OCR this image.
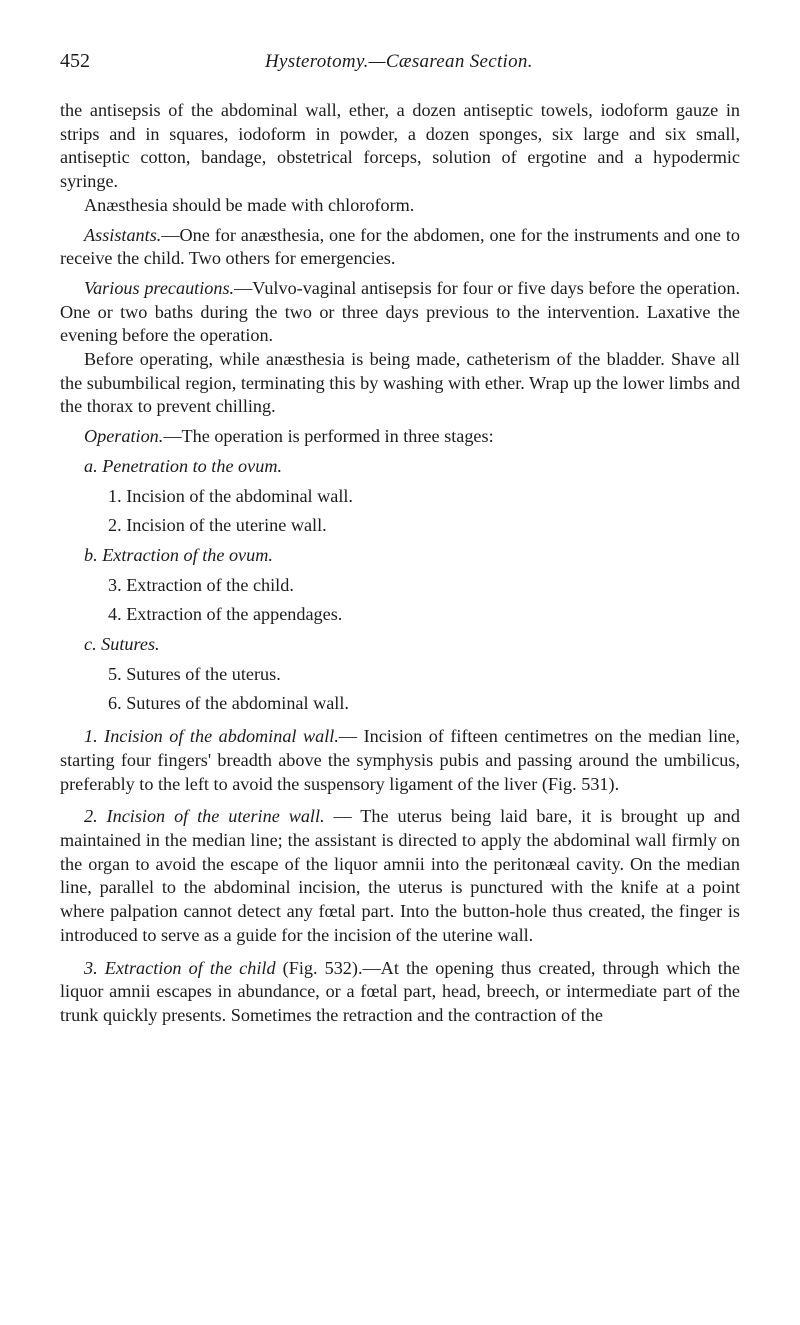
452	Hysterotomy.—Cæsarean Section.

the antisepsis of the abdominal wall, ether, a dozen antiseptic towels, iodoform gauze in strips and in squares, iodoform in powder, a dozen sponges, six large and six small, antiseptic cotton, bandage, obstetrical forceps, solution of ergotine and a hypodermic syringe.

Anæsthesia should be made with chloroform.

Assistants.—One for anæsthesia, one for the abdomen, one for the instruments and one to receive the child. Two others for emergencies.

Various precautions.—Vulvo-vaginal antisepsis for four or five days before the operation. One or two baths during the two or three days previous to the intervention. Laxative the evening before the operation.

Before operating, while anæsthesia is being made, catheterism of the bladder. Shave all the subumbilical region, terminating this by washing with ether. Wrap up the lower limbs and the thorax to prevent chilling.

Operation.—The operation is performed in three stages:

a. Penetration to the ovum.

1. Incision of the abdominal wall.

2. Incision of the uterine wall.

b. Extraction of the ovum.

3. Extraction of the child.

4. Extraction of the appendages.

c. Sutures.

5. Sutures of the uterus.

6. Sutures of the abdominal wall.

1. Incision of the abdominal wall.— Incision of fifteen centimetres on the median line, starting four fingers' breadth above the symphysis pubis and passing around the umbilicus, preferably to the left to avoid the suspensory ligament of the liver (Fig. 531).

2. Incision of the uterine wall. — The uterus being laid bare, it is brought up and maintained in the median line; the assistant is directed to apply the abdominal wall firmly on the organ to avoid the escape of the liquor amnii into the peritonæal cavity. On the median line, parallel to the abdominal incision, the uterus is punctured with the knife at a point where palpation cannot detect any fœtal part. Into the button-hole thus created, the finger is introduced to serve as a guide for the incision of the uterine wall.

3. Extraction of the child (Fig. 532).—At the opening thus created, through which the liquor amnii escapes in abundance, or a fœtal part, head, breech, or intermediate part of the trunk quickly presents. Sometimes the retraction and the contraction of the
